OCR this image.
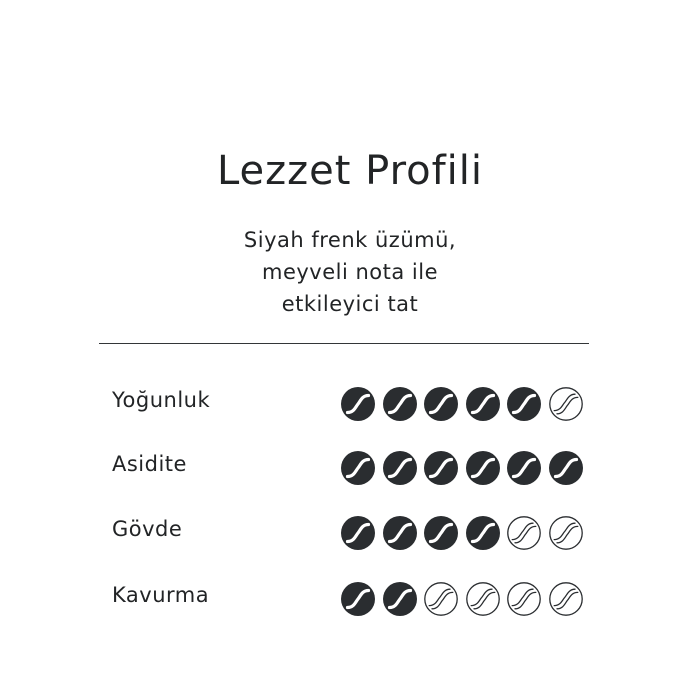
Lezzet Profili
Siyah frenk üzümü,
meyveli nota ile
etkileyici tat
Yoğunluk
Asidite
Gövde
Kavurma
